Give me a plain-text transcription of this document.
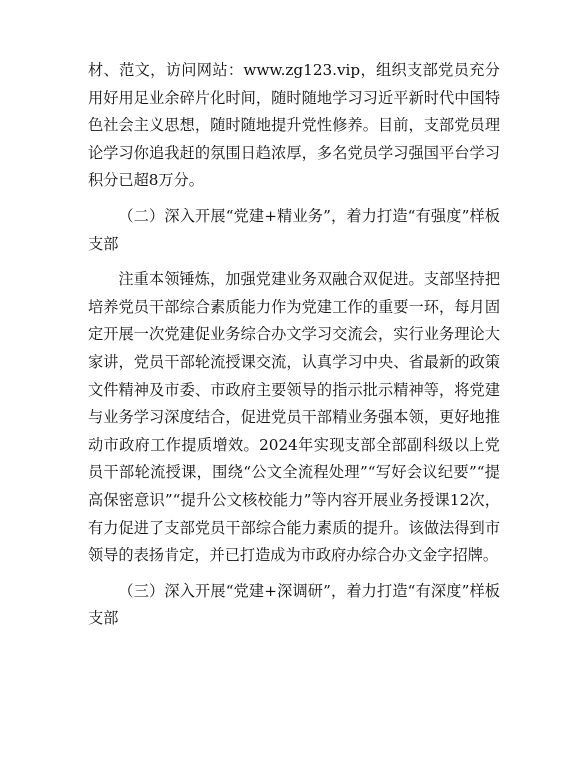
材、范文，访问网站：www.zg123.vip，组织支部党员充分用好用足业余碎片化时间，随时随地学习习近平新时代中国特色社会主义思想，随时随地提升党性修养。目前，支部党员理论学习你追我赶的氛围日趋浓厚，多名党员学习强国平台学习积分已超8万分。

（二）深入开展“党建+精业务”，着力打造“有强度”样板支部

注重本领锤炼，加强党建业务双融合双促进。支部坚持把培养党员干部综合素质能力作为党建工作的重要一环，每月固定开展一次党建促业务综合办文学习交流会，实行业务理论大家讲，党员干部轮流授课交流，认真学习中央、省最新的政策文件精神及市委、市政府主要领导的指示批示精神等，将党建与业务学习深度结合，促进党员干部精业务强本领，更好地推动市政府工作提质增效。2024年实现支部全部副科级以上党员干部轮流授课，围绕“公文全流程处理”“写好会议纪要”“提高保密意识”“提升公文核校能力”等内容开展业务授课12次，有力促进了支部党员干部综合能力素质的提升。该做法得到市领导的表扬肯定，并已打造成为市政府办综合办文金字招牌。

（三）深入开展“党建+深调研”，着力打造“有深度”样板支部
